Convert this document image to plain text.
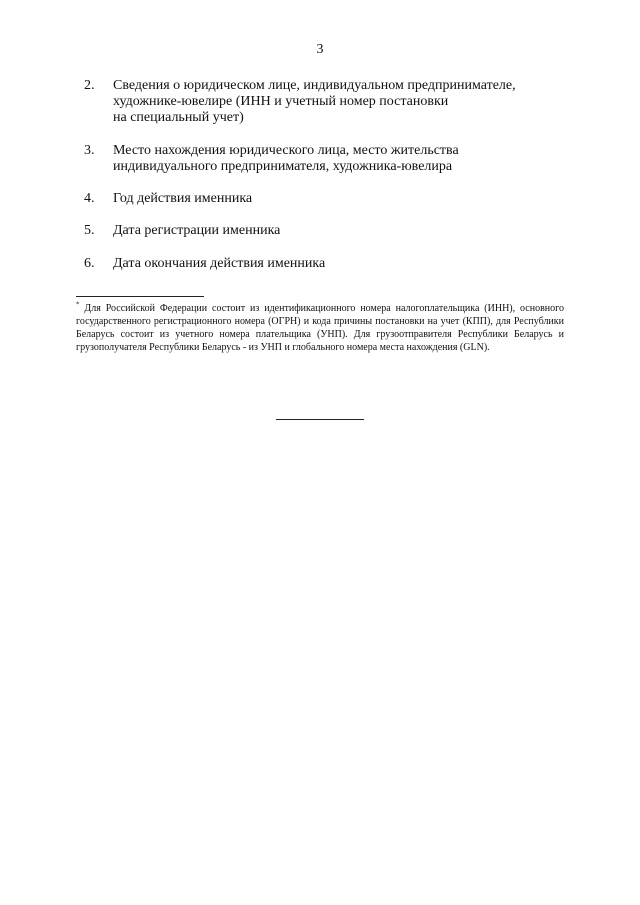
3
2.	Сведения о юридическом лице, индивидуальном предпринимателе,
художнике-ювелире (ИНН и учетный номер постановки
на специальный учет)
3.	Место нахождения юридического лица, место жительства
индивидуального предпринимателя, художника-ювелира
4.	Год действия именника
5.	Дата регистрации именника
6.	Дата окончания действия именника
* Для Российской Федерации состоит из идентификационного номера налогоплательщика (ИНН), основного государственного регистрационного номера (ОГРН) и кода причины постановки на учет (КПП), для Республики Беларусь состоит из учетного номера плательщика (УНП). Для грузоотправителя Республики Беларусь и грузополучателя Республики Беларусь - из УНП и глобального номера места нахождения (GLN).
